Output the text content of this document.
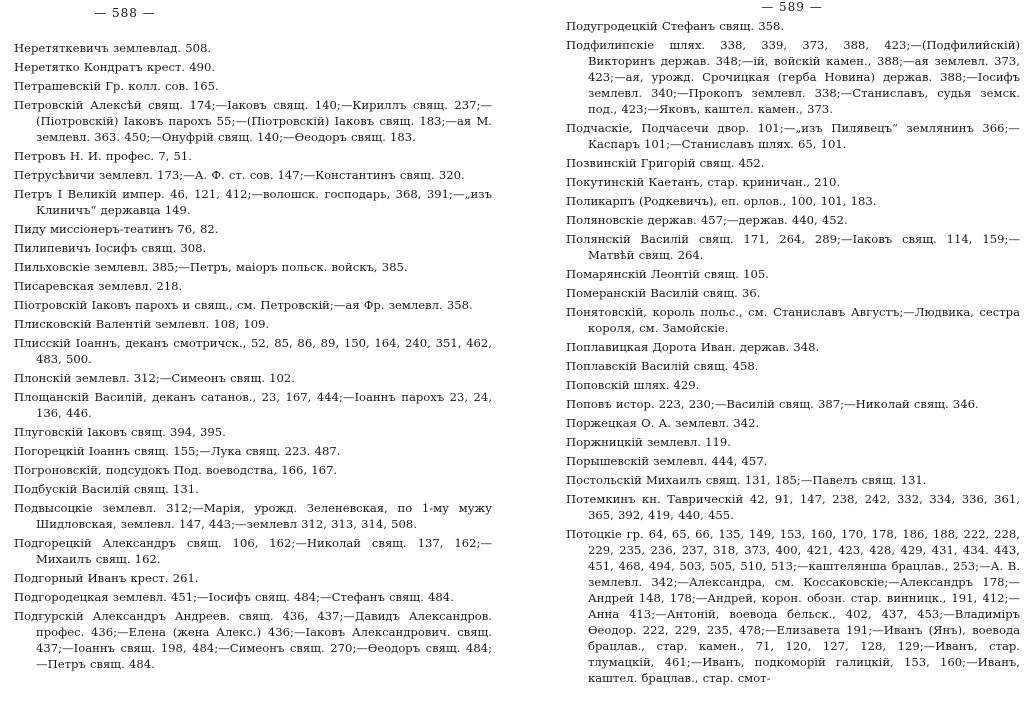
— 588 —

Неретяткевичъ землевлад. 508.

Неретятко Кондратъ крест. 490.

Петрашевскій Гр. колл. сов. 165.

Петровскій Алексѣй свящ. 174;—Іаковъ свящ. 140;—Кириллъ свящ. 237;—(Піотровскій) Іаковъ парохъ 55;—(Піотровскій) Іаковъ свящ. 183;—ая М. землевл. 363. 450;—Онуфрій свящ. 140;—Ѳеодоръ свящ. 183.

Петровъ Н. И. профес. 7, 51.

Петрусѣвичи землевл. 173;—А. Ф. ст. сов. 147;—Константинъ свящ. 320.

Петръ I Великій импер. 46, 121, 412;—волошск. господарь, 368, 391;—„изъ Клиничъ“ державца 149.

Пиду миссіонеръ-театинъ 76, 82.

Пилипевичъ Іосифъ свящ. 308.

Пильховскіе землевл. 385;—Петръ, маіоръ польск. войскъ, 385.

Писаревская землевл. 218.

Піотровскій Іаковъ парохъ и свящ., см. Петровскій;—ая Фр. землевл. 358.

Плисковскій Валентій землевл. 108, 109.

Плисскій Іоаннъ, деканъ смотричск., 52, 85, 86, 89, 150, 164, 240, 351, 462, 483, 500.

Плонскій землевл. 312;—Симеонъ свящ. 102.

Площанскій Василій, деканъ сатанов., 23, 167, 444;—Іоаннъ парохъ 23, 24, 136, 446.

Плуговскій Іаковъ свящ. 394, 395.

Погорецкій Іоаннъ свящ. 155;—Лука свящ. 223. 487.

Погроновскій, подсудокъ Под. воеводства, 166, 167.

Подбускій Василій свящ. 131.

Подвысоцкіе землевл. 312;—Марія, урожд. Зеленевская, по 1-му мужу Шидловская, землевл. 147, 443;—землевл 312, 313, 314, 508.

Подгорецкій Александръ свящ. 106, 162;—Николай свящ. 137, 162;—Михаилъ свящ. 162.

Подгорный Иванъ крест. 261.

Подгородецкая землевл. 451;—Іосифъ свящ. 484;—Стефанъ свящ. 484.

Подгурскій Александръ Андреев. свящ. 436, 437;—Давидъ Александров. профес. 436;—Елена (жена Алекс.) 436;—Іаковъ Александрович. свящ. 437;—Іоаннъ свящ. 198, 484;—Симеонъ свящ. 270;—Ѳеодоръ свящ. 484;—Петръ свящ. 484.

— 589 —

Подугродецкій Стефанъ свящ. 358.

Подфилипскіе шлях. 338, 339, 373, 388, 423;—(Подфилийскій) Викторинъ держав. 348;—ій, войскій камен., 388;—ая землевл. 373, 423;—ая, урожд. Срочицкая (герба Новина) держав. 388;—Іосифъ землевл. 340;—Прокопъ землевл. 338;—Станиславъ, судья земск. под., 423;—Яковъ, каштел. камен., 373.

Подчаскіе, Подчасечи двор. 101;—„изъ Пилявецъ“ землянинъ 366;—Каспаръ 101;—Станиславъ шлях. 65, 101.

Позвинскій Григорій свящ. 452.

Покутинскій Каетанъ, стар. криничан., 210.

Поликарпъ (Родкевичъ), еп. орлов., 100, 101, 183.

Поляновскіе держав. 457;—держав. 440, 452.

Полянскій Василій свящ. 171, 264, 289;—Іаковъ свящ. 114, 159;—Матвѣй свящ. 264.

Помарянскій Леонтій свящ. 105.

Померанскій Василій свящ. 36.

Понятовскій, король польс., см. Станиславъ Августъ;—Людвика, сестра короля, см. Замойскіе.

Поплавицкая Дорота Иван. держав. 348.

Поплавскій Василій свящ. 458.

Поповскій шлях. 429.

Поповъ истор. 223, 230;—Василій свящ. 387;—Николай свящ. 346.

Поржецкая О. А. землевл. 342.

Поржницкій землевл. 119.

Порышевскій землевл. 444, 457.

Постольскій Михаилъ свящ. 131, 185;—Павелъ свящ. 131.

Потемкинъ кн. Таврическій 42, 91, 147, 238, 242, 332, 334, 336, 361, 365, 392, 419, 440, 455.

Потоцкіе гр. 64, 65, 66, 135, 149, 153, 160, 170, 178, 186, 188, 222, 228, 229, 235, 236, 237, 318, 373, 400, 421, 423, 428, 429, 431, 434. 443, 451, 468, 494, 503, 505, 510, 513;—каштелянша брацлав., 253;—А. В. землевл. 342;—Александра, см. Коссаковскіе;—Александръ 178;—Андрей 148, 178;—Андрей, корон. обозн. стар. винницк., 191, 412;—Анна 413;—Антоній, воевода бельск., 402, 437, 453;—Владиміръ Ѳеодор. 222, 229, 235, 478;—Елизавета 191;—Иванъ (Янъ), воевода брацлав., стар. камен., 71, 120, 127, 128, 129;—Иванъ, стар. тлумацкій, 461;—Иванъ, подкоморій галицкій, 153, 160;—Иванъ, каштел. брацлав., стар. смот-
